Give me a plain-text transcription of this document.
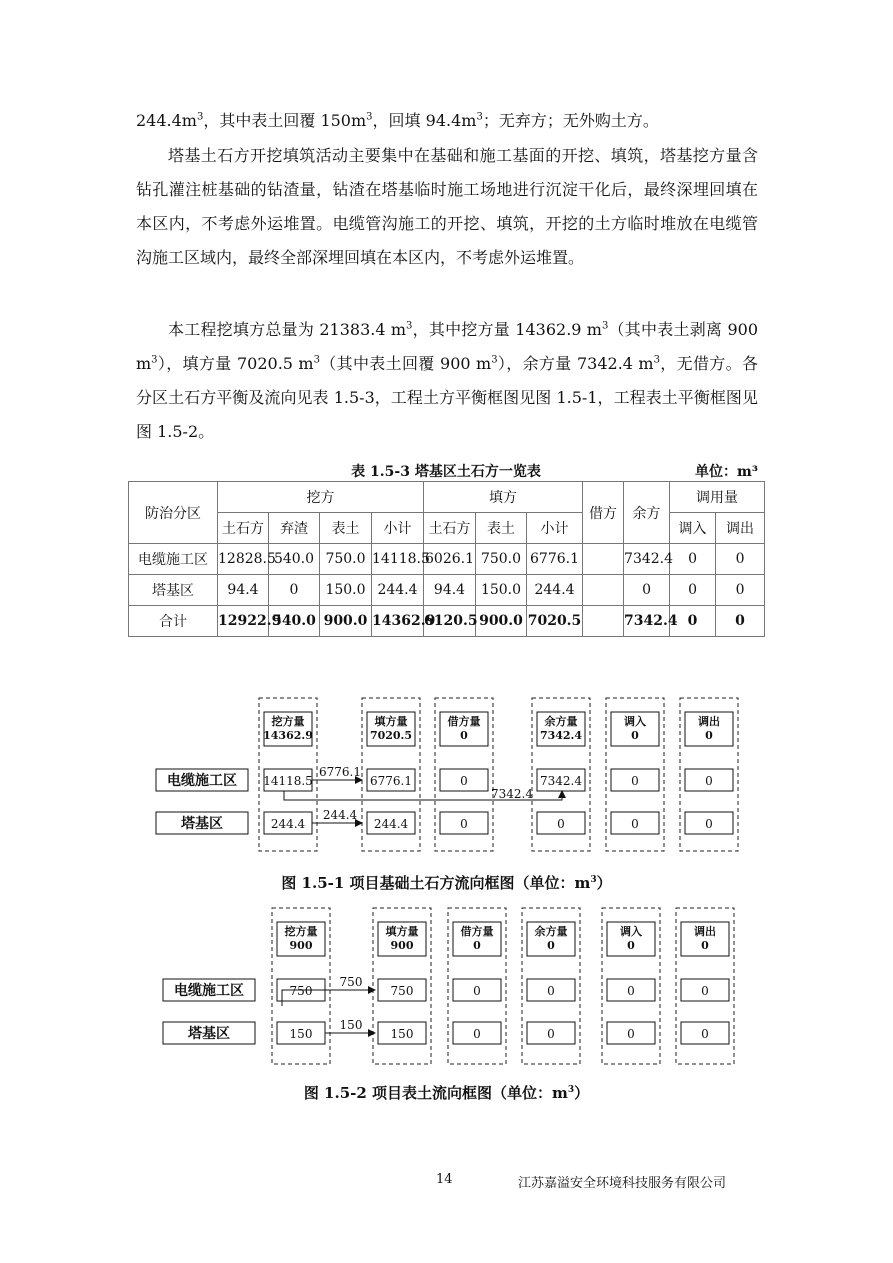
$244.4m^3$，其中表土回覆 $150m^3$，回填 $94.4m^3$；无弃方；无外购土方。

塔基土石方开挖填筑活动主要集中在基础和施工基面的开挖、填筑，塔基挖方量含钻孔灌注桩基础的钻渣量，钻渣在塔基临时施工场地进行沉淀干化后，最终深埋回填在本区内，不考虑外运堆置。电缆管沟施工的开挖、填筑，开挖的土方临时堆放在电缆管沟施工区域内，最终全部深埋回填在本区内，不考虑外运堆置。

本工程挖填方总量为 21383.4 $m^3$，其中挖方量 14362.9 $m^3$（其中表土剥离 900 $m^3$），填方量 7020.5 $m^3$（其中表土回覆 900 $m^3$），余方量 7342.4 $m^3$，无借方。各分区土石方平衡及流向见表 1.5-3，工程土方平衡框图见图 1.5-1，工程表土平衡框图见图 1.5-2。

表 1.5-3 塔基区土石方一览表	单位：m³
防治分区	挖方				填方			借方	余方	调用量	
	土石方	弃渣	表土	小计	土石方	表土	小计			调入	调出
电缆施工区	12828.5	540.0	750.0	14118.5	6026.1	750.0	6776.1		7342.4	0	0
塔基区	94.4	0	150.0	244.4	94.4	150.0	244.4		0	0	0
合计	12922.9	540.0	900.0	14362.9	6120.5	900.0	7020.5		7342.4	0	0
电缆施工区
塔基区
挖方量
14362.9
14118.5
244.4
填方量
7020.5
6776.1
244.4
借方量
0
0
0
余方量
7342.4
7342.4
0
调入
0
0
0
调出
0
0
0
6776.1
244.4
7342.4
图 1.5-1 项目基础土石方流向框图（单位：$m^3$）
电缆施工区
塔基区
挖方量
900
750
150
填方量
900
750
150
借方量
0
0
0
余方量
0
0
0
调入
0
0
0
调出
0
0
0
750
150
图 1.5-2 项目表土流向框图（单位：$m^3$）
14	江苏嘉溢安全环境科技服务有限公司
